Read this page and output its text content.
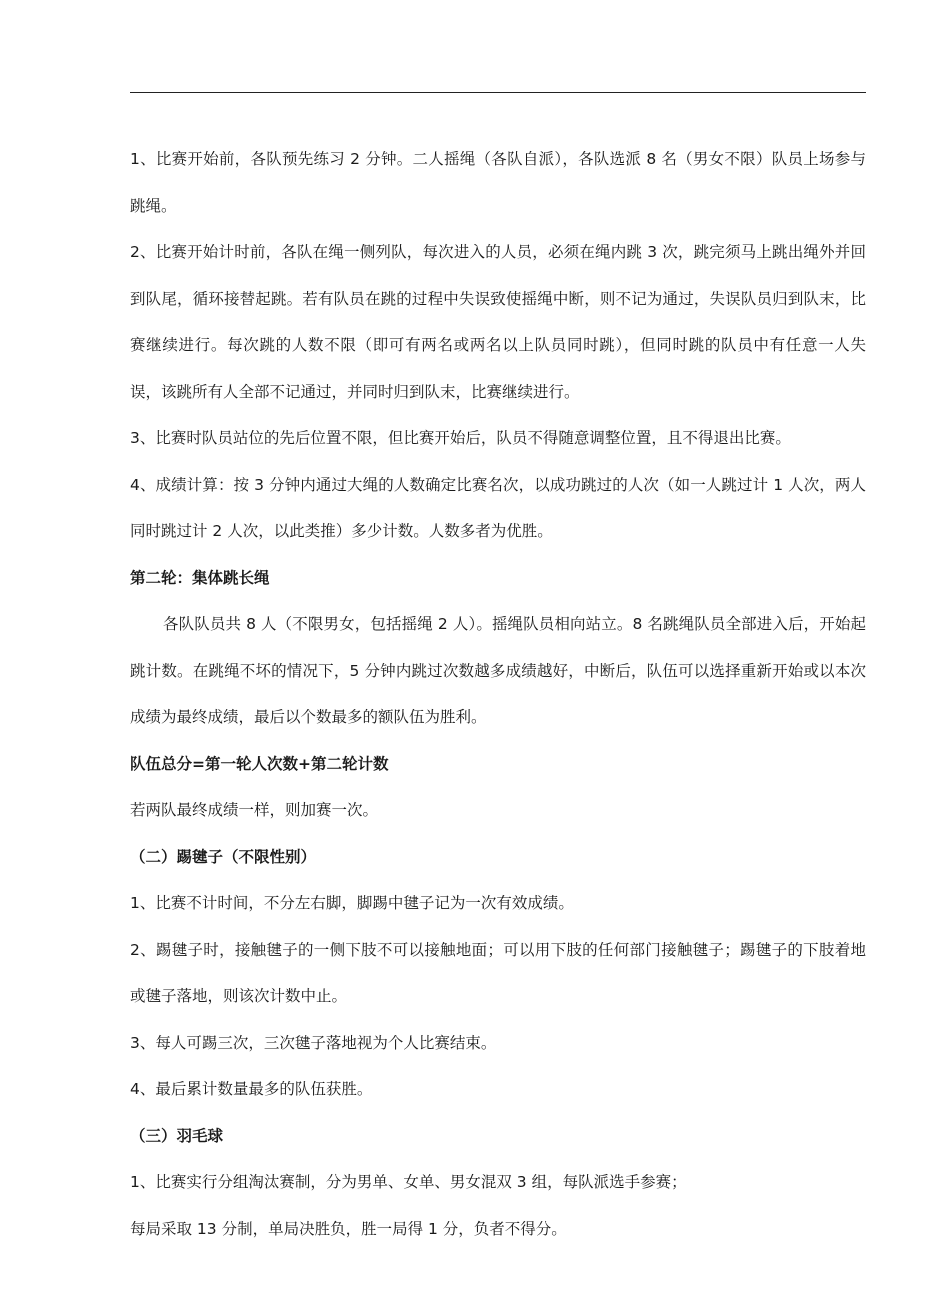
1、比赛开始前，各队预先练习 2 分钟。二人摇绳（各队自派），各队选派 8 名（男女不限）队员上场参与跳绳。

2、比赛开始计时前，各队在绳一侧列队，每次进入的人员，必须在绳内跳 3 次，跳完须马上跳出绳外并回到队尾，循环接替起跳。若有队员在跳的过程中失误致使摇绳中断，则不记为通过，失误队员归到队末，比赛继续进行。每次跳的人数不限（即可有两名或两名以上队员同时跳），但同时跳的队员中有任意一人失误，该跳所有人全部不记通过，并同时归到队末，比赛继续进行。

3、比赛时队员站位的先后位置不限，但比赛开始后，队员不得随意调整位置，且不得退出比赛。

4、成绩计算：按 3 分钟内通过大绳的人数确定比赛名次，以成功跳过的人次（如一人跳过计 1 人次，两人同时跳过计 2 人次，以此类推）多少计数。人数多者为优胜。

第二轮：集体跳长绳

各队队员共 8 人（不限男女，包括摇绳 2 人）。摇绳队员相向站立。8 名跳绳队员全部进入后，开始起跳计数。在跳绳不坏的情况下，5 分钟内跳过次数越多成绩越好，中断后，队伍可以选择重新开始或以本次成绩为最终成绩，最后以个数最多的额队伍为胜利。

队伍总分=第一轮人次数+第二轮计数

若两队最终成绩一样，则加赛一次。

（二）踢毽子（不限性别）

1、比赛不计时间，不分左右脚，脚踢中毽子记为一次有效成绩。

2、踢毽子时，接触毽子的一侧下肢不可以接触地面；可以用下肢的任何部门接触毽子；踢毽子的下肢着地或毽子落地，则该次计数中止。

3、每人可踢三次，三次毽子落地视为个人比赛结束。

4、最后累计数量最多的队伍获胜。

（三）羽毛球

1、比赛实行分组淘汰赛制，分为男单、女单、男女混双 3 组，每队派选手参赛；

每局采取 13 分制，单局决胜负，胜一局得 1 分，负者不得分。
